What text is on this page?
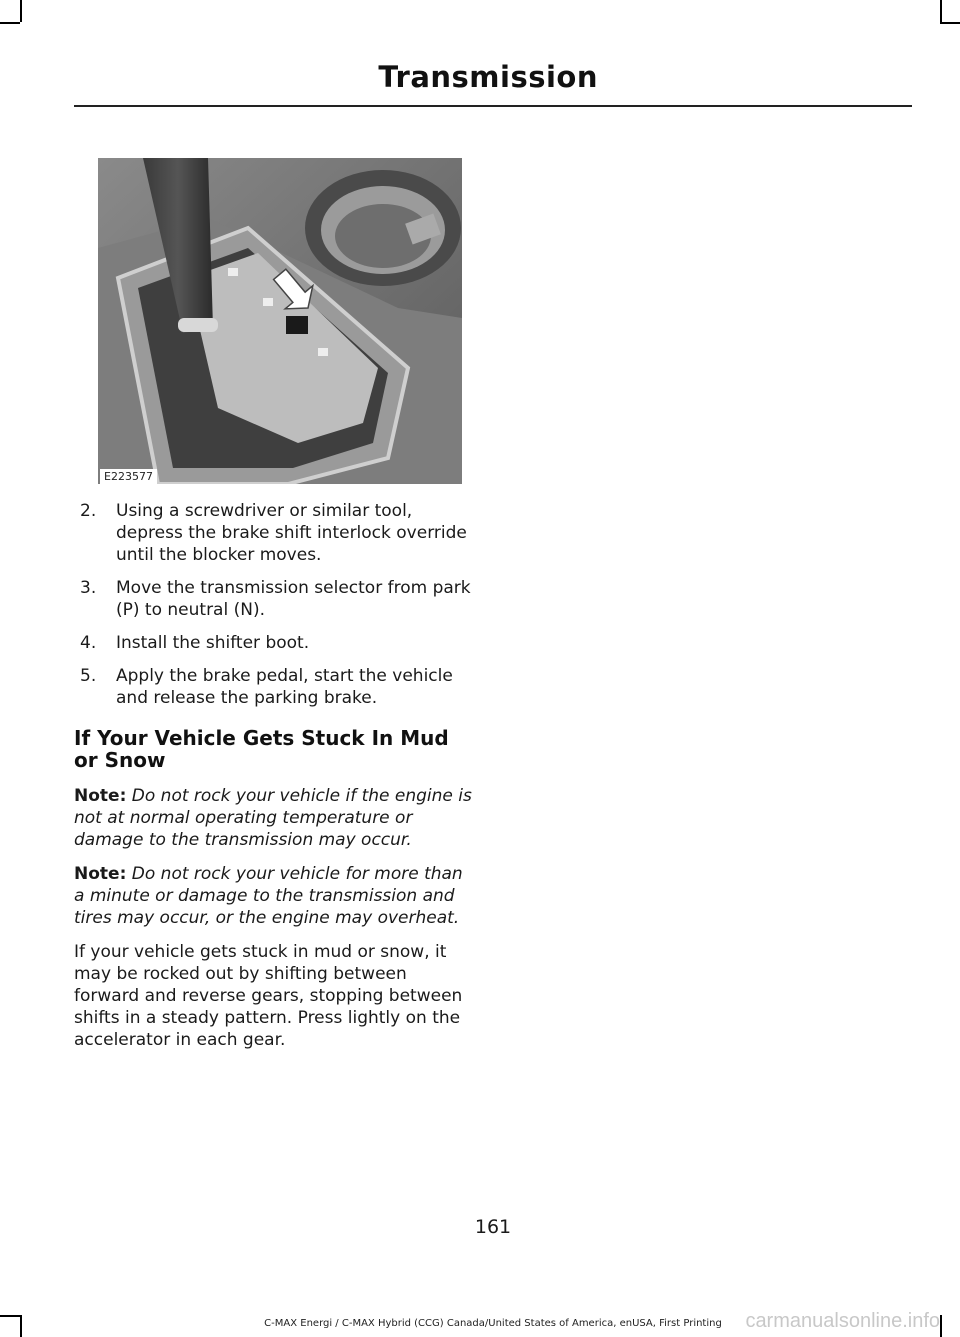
Transmission
E223577
2. Using a screwdriver or similar tool, depress the brake shift interlock override until the blocker moves.
3. Move the transmission selector from park (P) to neutral (N).
4. Install the shifter boot.
5. Apply the brake pedal, start the vehicle and release the parking brake.
If Your Vehicle Gets Stuck In Mud or Snow

Note: Do not rock your vehicle if the engine is not at normal operating temperature or damage to the transmission may occur.

Note: Do not rock your vehicle for more than a minute or damage to the transmission and tires may occur, or the engine may overheat.

If your vehicle gets stuck in mud or snow, it may be rocked out by shifting between forward and reverse gears, stopping between shifts in a steady pattern. Press lightly on the accelerator in each gear.

161
C-MAX Energi / C-MAX Hybrid (CCG) Canada/United States of America, enUSA, First Printing	carmanualsonline.info
